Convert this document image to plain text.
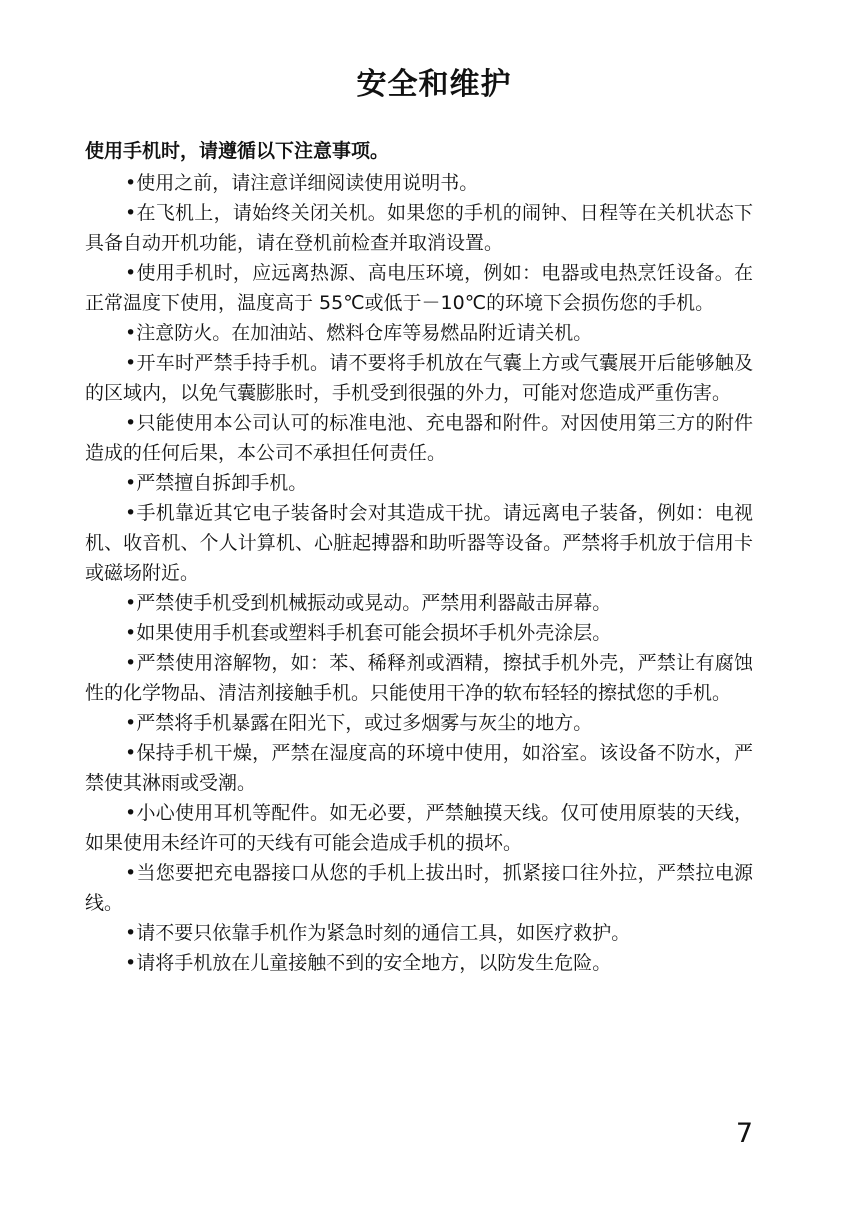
安全和维护

使用手机时，请遵循以下注意事项。

•使用之前，请注意详细阅读使用说明书。

•在飞机上，请始终关闭关机。如果您的手机的闹钟、日程等在关机状态下具备自动开机功能，请在登机前检查并取消设置。

•使用手机时，应远离热源、高电压环境，例如：电器或电热烹饪设备。在正常温度下使用，温度高于 55℃或低于－10℃的环境下会损伤您的手机。

•注意防火。在加油站、燃料仓库等易燃品附近请关机。

•开车时严禁手持手机。请不要将手机放在气囊上方或气囊展开后能够触及的区域内，以免气囊膨胀时，手机受到很强的外力，可能对您造成严重伤害。

•只能使用本公司认可的标准电池、充电器和附件。对因使用第三方的附件造成的任何后果，本公司不承担任何责任。

•严禁擅自拆卸手机。

•手机靠近其它电子装备时会对其造成干扰。请远离电子装备，例如：电视机、收音机、个人计算机、心脏起搏器和助听器等设备。严禁将手机放于信用卡或磁场附近。

•严禁使手机受到机械振动或晃动。严禁用利器敲击屏幕。

•如果使用手机套或塑料手机套可能会损坏手机外壳涂层。

•严禁使用溶解物，如：苯、稀释剂或酒精，擦拭手机外壳，严禁让有腐蚀性的化学物品、清洁剂接触手机。只能使用干净的软布轻轻的擦拭您的手机。

•严禁将手机暴露在阳光下，或过多烟雾与灰尘的地方。

•保持手机干燥，严禁在湿度高的环境中使用，如浴室。该设备不防水，严禁使其淋雨或受潮。

•小心使用耳机等配件。如无必要，严禁触摸天线。仅可使用原装的天线，如果使用未经许可的天线有可能会造成手机的损坏。

•当您要把充电器接口从您的手机上拔出时，抓紧接口往外拉，严禁拉电源线。

•请不要只依靠手机作为紧急时刻的通信工具，如医疗救护。

•请将手机放在儿童接触不到的安全地方，以防发生危险。

7
